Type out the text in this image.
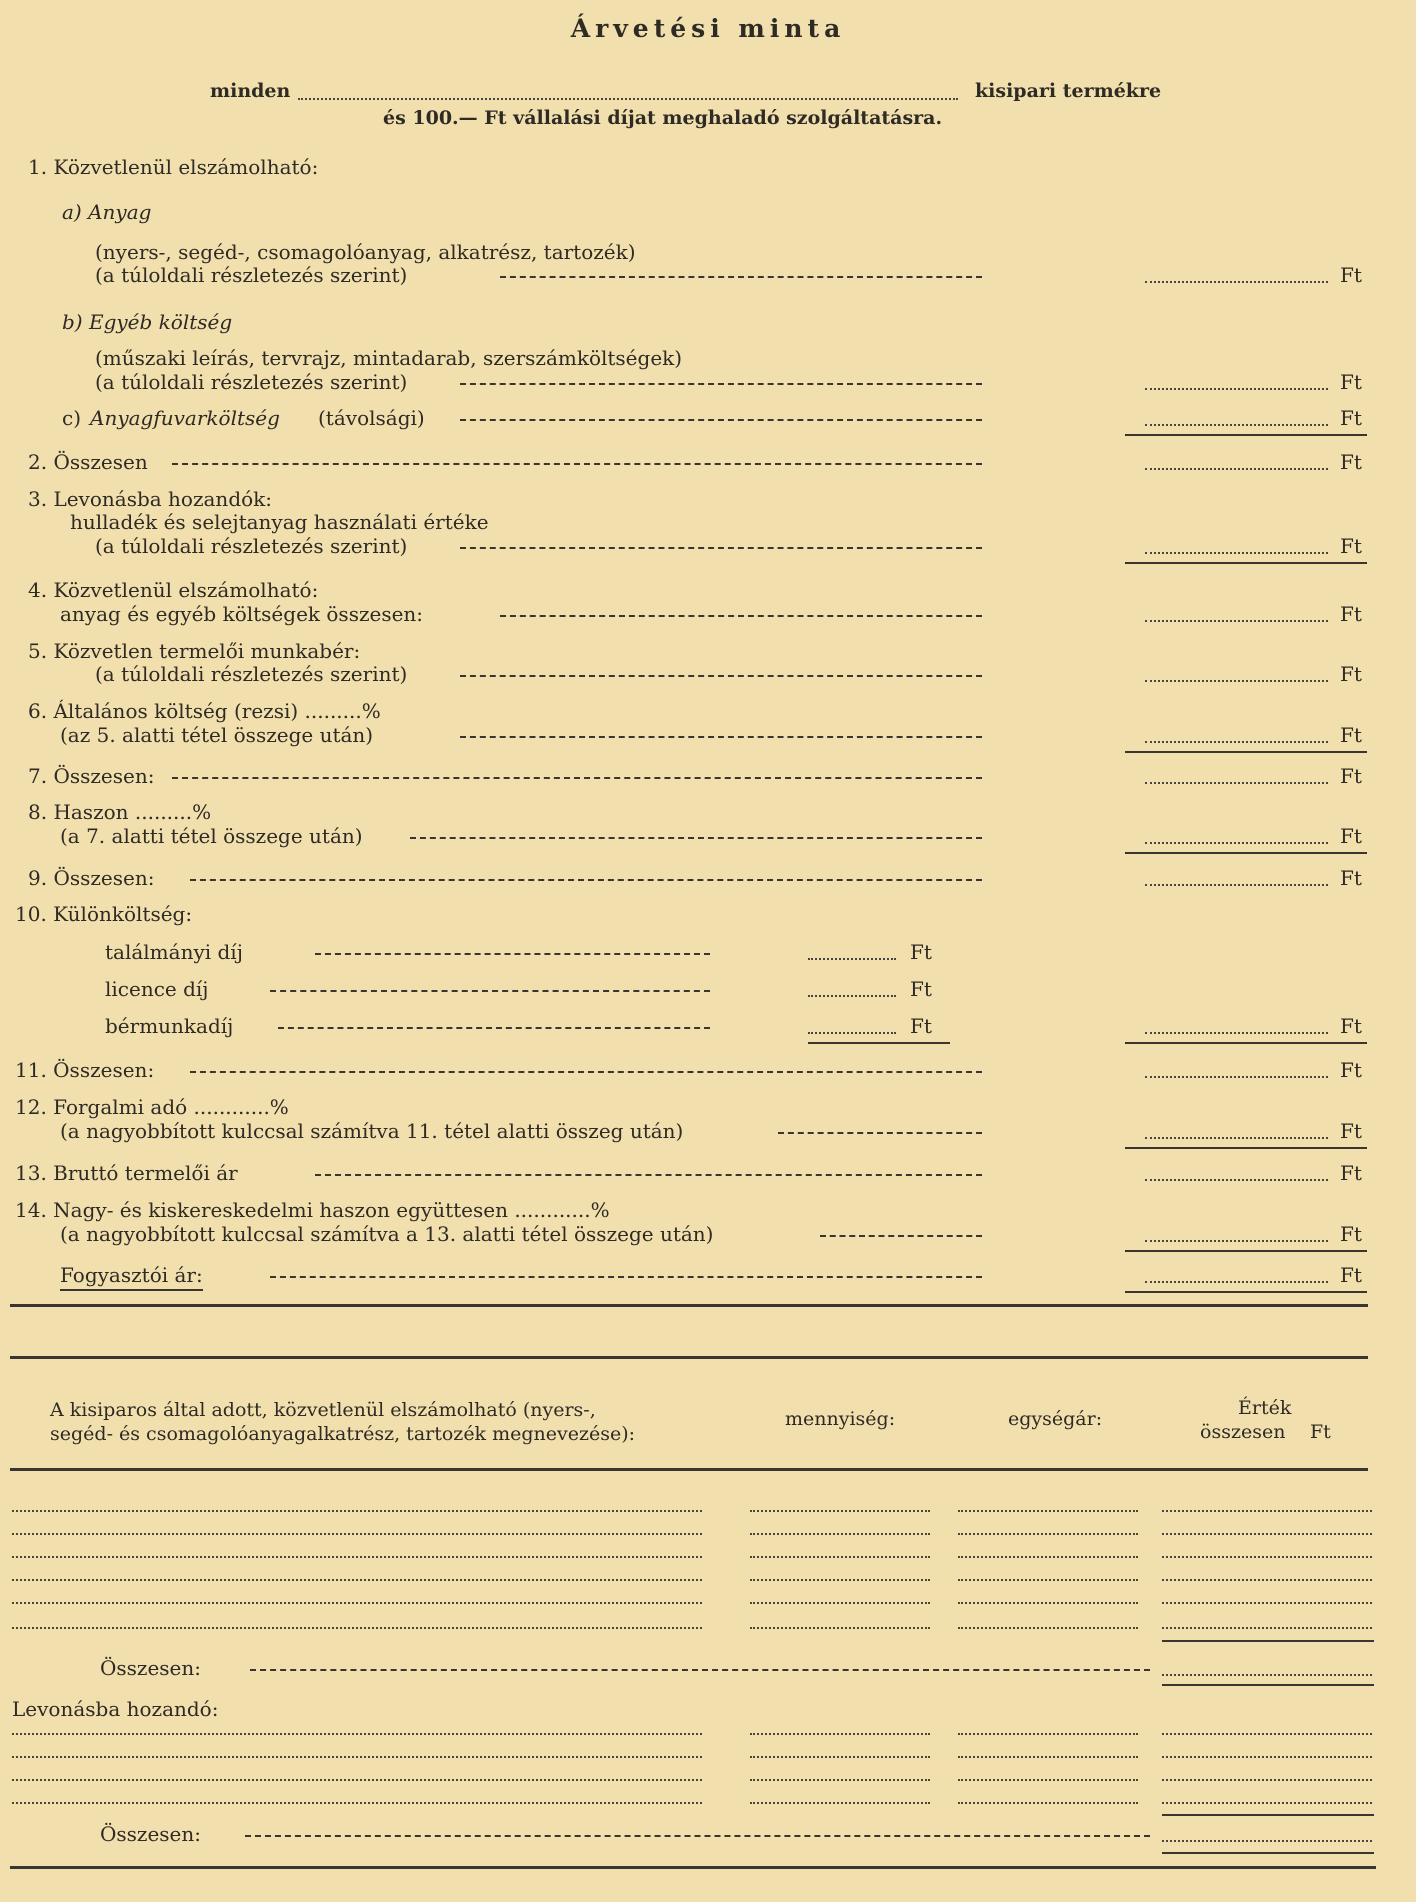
Árvetési minta
minden	kisipari termékre
és 100.— Ft vállalási díjat meghaladó szolgáltatásra.
1. Közvetlenül elszámolható:
a) Anyag
(nyers-, segéd-, csomagolóanyag, alkatrész, tartozék)
(a túloldali részletezés szerint)	Ft
b) Egyéb költség
(műszaki leírás, tervrajz, mintadarab, szerszámköltségek)
(a túloldali részletezés szerint)	Ft
c) Anyagfuvarköltség (távolsági)	Ft
2. Összesen	Ft
3. Levonásba hozandók:
hulladék és selejtanyag használati értéke
(a túloldali részletezés szerint)	Ft
4. Közvetlenül elszámolható:
anyag és egyéb költségek összesen:	Ft
5. Közvetlen termelői munkabér:
(a túloldali részletezés szerint)	Ft
6. Általános költség (rezsi) .........%
(az 5. alatti tétel összege után)	Ft
7. Összesen:	Ft
8. Haszon .........%
(a 7. alatti tétel összege után)	Ft
9. Összesen:	Ft
10. Különköltség:
találmányi díj	Ft
licence díj	Ft
bérmunkadíj	Ft	Ft
11. Összesen:	Ft
12. Forgalmi adó ............%
(a nagyobbított kulccsal számítva 11. tétel alatti összeg után)	Ft
13. Bruttó termelői ár	Ft
14. Nagy- és kiskereskedelmi haszon együttesen ............%
(a nagyobbított kulccsal számítva a 13. alatti tétel összege után)	Ft
Fogyasztói ár:	Ft
A kisiparos által adott, közvetlenül elszámolható (nyers-,
segéd- és csomagolóanyagalkatrész, tartozék megnevezése):
mennyiség:	egységár:	Érték
összesen Ft
Összesen:
Levonásba hozandó:
Összesen:
